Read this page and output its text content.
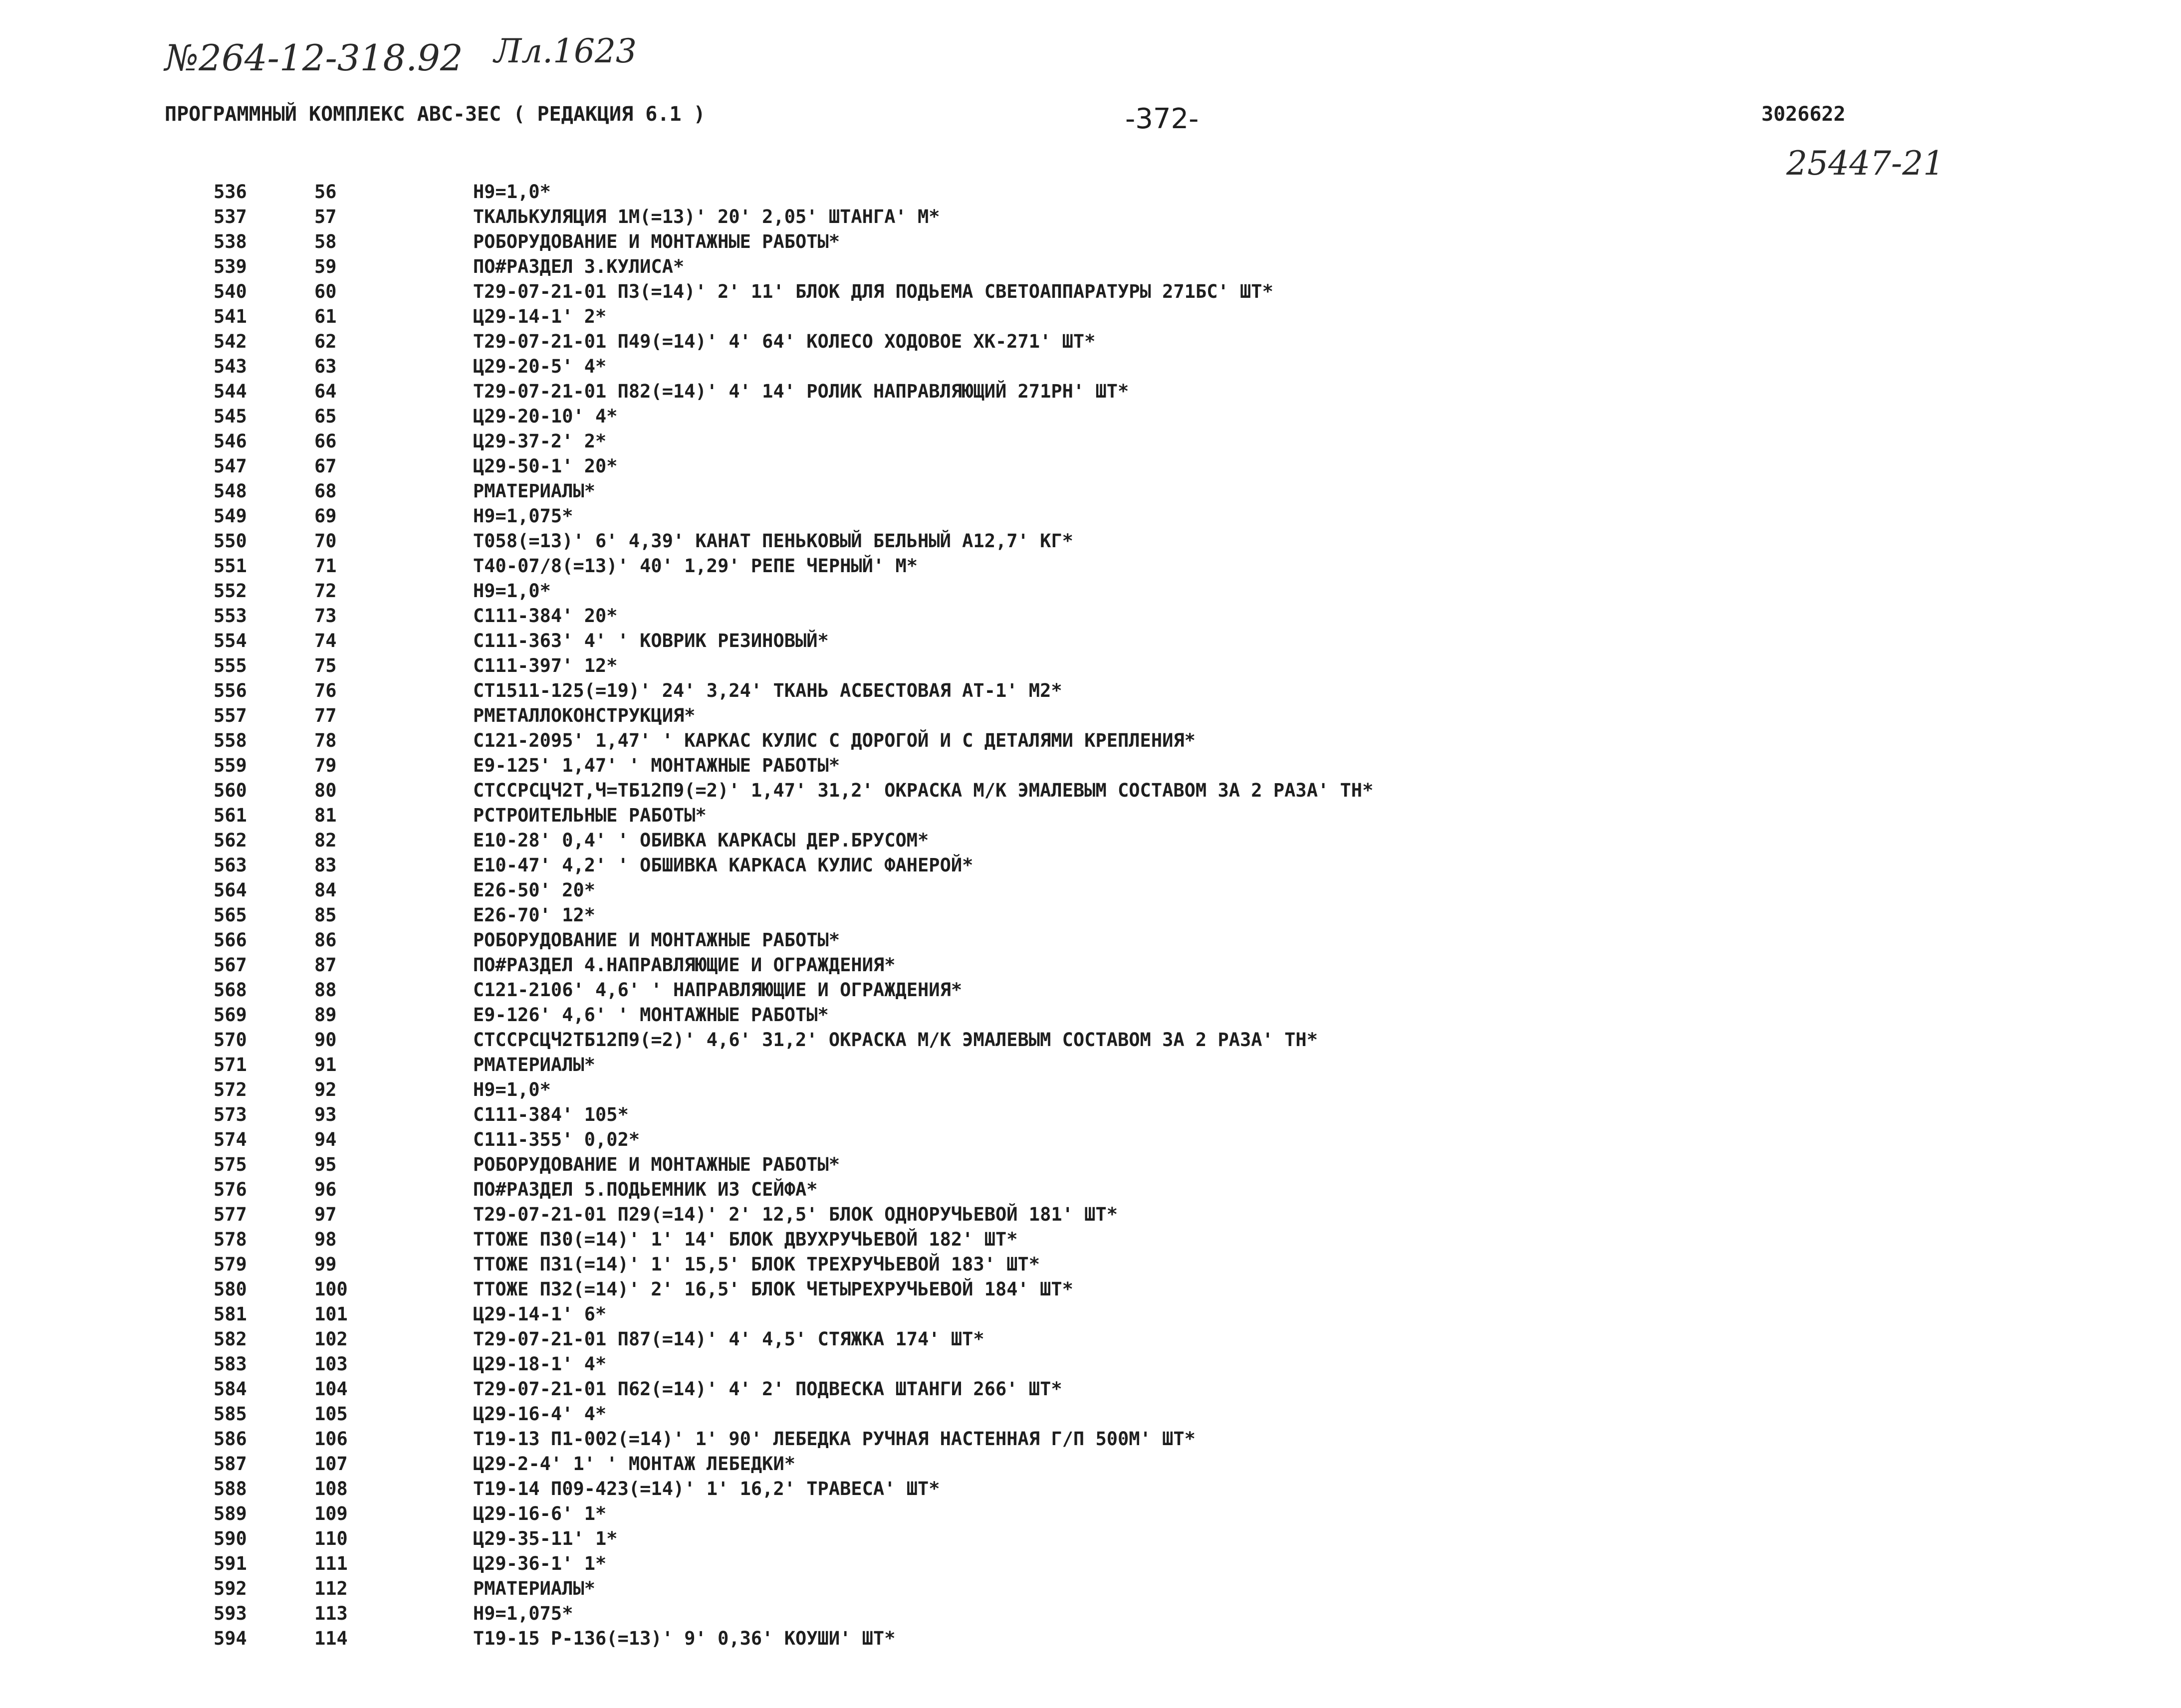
№264-12-318.92 Лл.1623
25447-21
ПРОГРАММНЫЙ КОМПЛЕКС АВС-3ЕС ( РЕДАКЦИЯ 6.1 )	-372-	3026622
536	56	Н9=1,0*
537	57	ТКАЛЬКУЛЯЦИЯ 1М(=13)' 20' 2,05' ШТАНГА' М*
538	58	РОБОРУДОВАНИЕ И МОНТАЖНЫЕ РАБОТЫ*
539	59	ПО#РАЗДЕЛ 3.КУЛИСА*
540	60	Т29-07-21-01 П3(=14)' 2' 11' БЛОК ДЛЯ ПОДЬЕМА СВЕТОАППАРАТУРЫ 271БС' ШТ*
541	61	Ц29-14-1' 2*
542	62	Т29-07-21-01 П49(=14)' 4' 64' КОЛЕСО ХОДОВОЕ ХК-271' ШТ*
543	63	Ц29-20-5' 4*
544	64	Т29-07-21-01 П82(=14)' 4' 14' РОЛИК НАПРАВЛЯЮЩИЙ 271РН' ШТ*
545	65	Ц29-20-10' 4*
546	66	Ц29-37-2' 2*
547	67	Ц29-50-1' 20*
548	68	РМАТЕРИАЛЫ*
549	69	Н9=1,075*
550	70	Т058(=13)' 6' 4,39' КАНАТ ПЕНЬКОВЫЙ БЕЛЬНЫЙ А12,7' КГ*
551	71	Т40-07/8(=13)' 40' 1,29' РЕПЕ ЧЕРНЫЙ' М*
552	72	Н9=1,0*
553	73	С111-384' 20*
554	74	С111-363' 4' ' КОВРИК РЕЗИНОВЫЙ*
555	75	С111-397' 12*
556	76	СТ1511-125(=19)' 24' 3,24' ТКАНЬ АСБЕСТОВАЯ АТ-1' М2*
557	77	РМЕТАЛЛОКОНСТРУКЦИЯ*
558	78	С121-2095' 1,47' ' КАРКАС КУЛИС С ДОРОГОЙ И С ДЕТАЛЯМИ КРЕПЛЕНИЯ*
559	79	Е9-125' 1,47' ' МОНТАЖНЫЕ РАБОТЫ*
560	80	СТССРСЦЧ2Т,Ч=ТБ12П9(=2)' 1,47' 31,2' ОКРАСКА М/К ЭМАЛЕВЫМ СОСТАВОМ ЗА 2 РАЗА' ТН*
561	81	РСТРОИТЕЛЬНЫЕ РАБОТЫ*
562	82	Е10-28' 0,4' ' ОБИВКА КАРКАСЫ ДЕР.БРУСОМ*
563	83	Е10-47' 4,2' ' ОБШИВКА КАРКАСА КУЛИС ФАНЕРОЙ*
564	84	Е26-50' 20*
565	85	Е26-70' 12*
566	86	РОБОРУДОВАНИЕ И МОНТАЖНЫЕ РАБОТЫ*
567	87	ПО#РАЗДЕЛ 4.НАПРАВЛЯЮЩИЕ И ОГРАЖДЕНИЯ*
568	88	С121-2106' 4,6' ' НАПРАВЛЯЮЩИЕ И ОГРАЖДЕНИЯ*
569	89	Е9-126' 4,6' ' МОНТАЖНЫЕ РАБОТЫ*
570	90	СТССРСЦЧ2ТБ12П9(=2)' 4,6' 31,2' ОКРАСКА М/К ЭМАЛЕВЫМ СОСТАВОМ ЗА 2 РАЗА' ТН*
571	91	РМАТЕРИАЛЫ*
572	92	Н9=1,0*
573	93	С111-384' 105*
574	94	С111-355' 0,02*
575	95	РОБОРУДОВАНИЕ И МОНТАЖНЫЕ РАБОТЫ*
576	96	ПО#РАЗДЕЛ 5.ПОДЬЕМНИК ИЗ СЕЙФА*
577	97	Т29-07-21-01 П29(=14)' 2' 12,5' БЛОК ОДНОРУЧЬЕВОЙ 181' ШТ*
578	98	ТТОЖЕ П30(=14)' 1' 14' БЛОК ДВУХРУЧЬЕВОЙ 182' ШТ*
579	99	ТТОЖЕ П31(=14)' 1' 15,5' БЛОК ТРЕХРУЧЬЕВОЙ 183' ШТ*
580	100	ТТОЖЕ П32(=14)' 2' 16,5' БЛОК ЧЕТЫРЕХРУЧЬЕВОЙ 184' ШТ*
581	101	Ц29-14-1' 6*
582	102	Т29-07-21-01 П87(=14)' 4' 4,5' СТЯЖКА 174' ШТ*
583	103	Ц29-18-1' 4*
584	104	Т29-07-21-01 П62(=14)' 4' 2' ПОДВЕСКА ШТАНГИ 266' ШТ*
585	105	Ц29-16-4' 4*
586	106	Т19-13 П1-002(=14)' 1' 90' ЛЕБЕДКА РУЧНАЯ НАСТЕННАЯ Г/П 500М' ШТ*
587	107	Ц29-2-4' 1' ' МОНТАЖ ЛЕБЕДКИ*
588	108	Т19-14 П09-423(=14)' 1' 16,2' ТРАВЕСА' ШТ*
589	109	Ц29-16-6' 1*
590	110	Ц29-35-11' 1*
591	111	Ц29-36-1' 1*
592	112	РМАТЕРИАЛЫ*
593	113	Н9=1,075*
594	114	Т19-15 Р-136(=13)' 9' 0,36' КОУШИ' ШТ*
